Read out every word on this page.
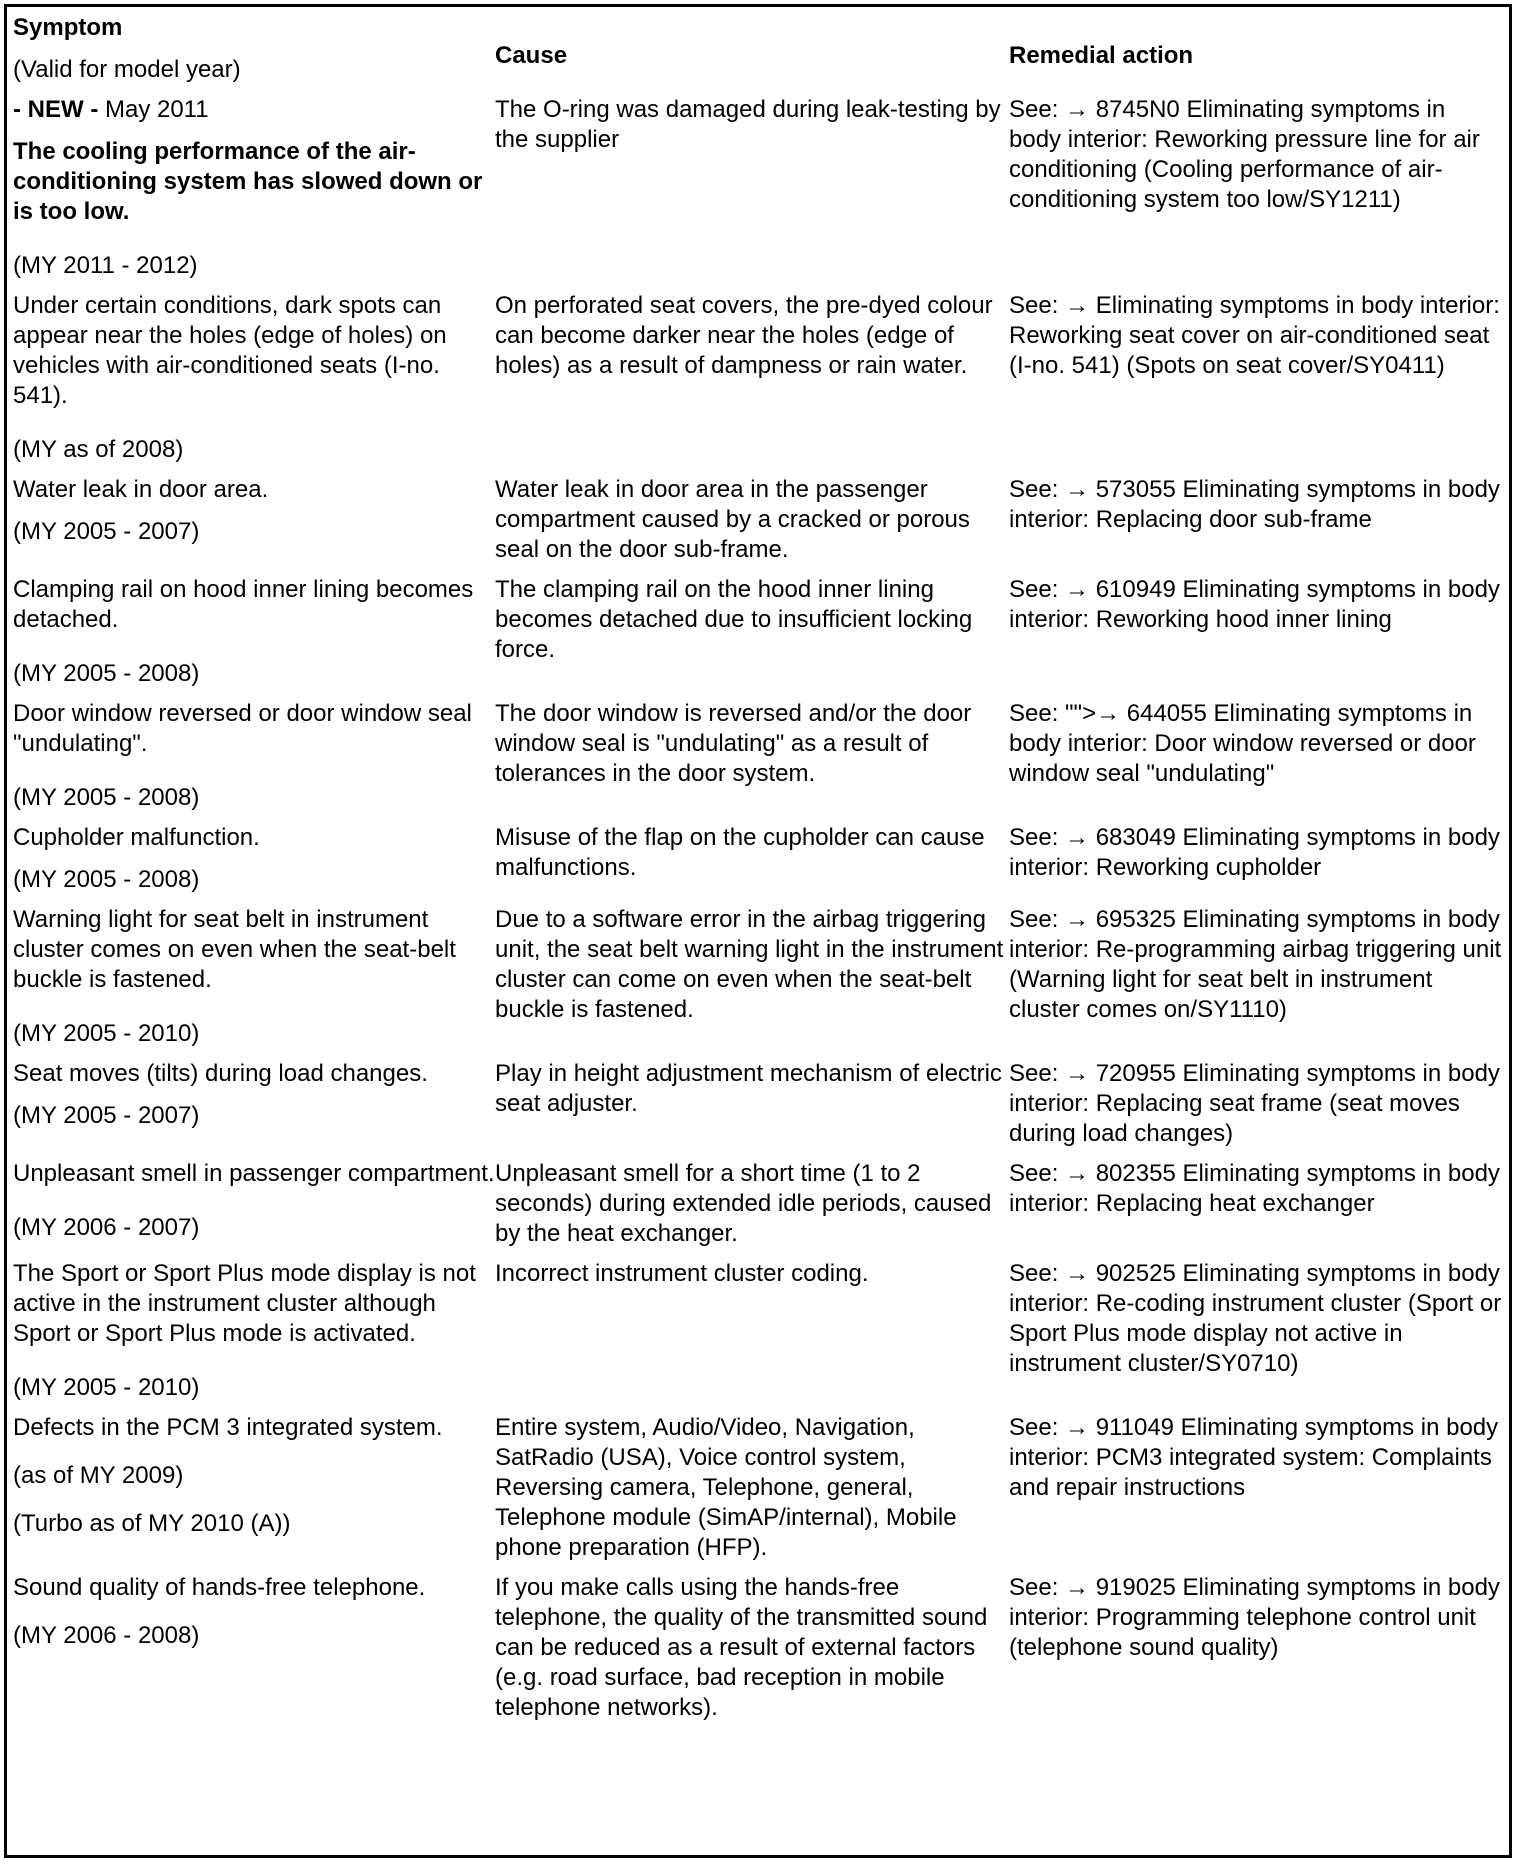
Symptom

(Valid for model year)	Cause	Remedial action

- NEW - May 2011

The cooling performance of the air-conditioning system has slowed down or is too low.

(MY 2011 - 2012)	The O-ring was damaged during leak-testing by the supplier	See: → 8745N0 Eliminating symptoms in body interior: Reworking pressure line for air conditioning (Cooling performance of air-conditioning system too low/SY1211)

Under certain conditions, dark spots can appear near the holes (edge of holes) on vehicles with air-conditioned seats (I-no. 541).

(MY as of 2008)	On perforated seat covers, the pre-dyed colour can become darker near the holes (edge of holes) as a result of dampness or rain water.	See: → Eliminating symptoms in body interior: Reworking seat cover on air-conditioned seat (I-no. 541) (Spots on seat cover/SY0411)

Water leak in door area.

(MY 2005 - 2007)	Water leak in door area in the passenger compartment caused by a cracked or porous seal on the door sub-frame.	See: → 573055 Eliminating symptoms in body interior: Replacing door sub-frame

Clamping rail on hood inner lining becomes detached.

(MY 2005 - 2008)	The clamping rail on the hood inner lining becomes detached due to insufficient locking force.	See: → 610949 Eliminating symptoms in body interior: Reworking hood inner lining

Door window reversed or door window seal "undulating".

(MY 2005 - 2008)	The door window is reversed and/or the door window seal is "undulating" as a result of tolerances in the door system.	See: "">→ 644055 Eliminating symptoms in body interior: Door window reversed or door window seal "undulating"

Cupholder malfunction.

(MY 2005 - 2008)	Misuse of the flap on the cupholder can cause malfunctions.	See: → 683049 Eliminating symptoms in body interior: Reworking cupholder

Warning light for seat belt in instrument cluster comes on even when the seat-belt buckle is fastened.

(MY 2005 - 2010)	Due to a software error in the airbag triggering unit, the seat belt warning light in the instrument cluster can come on even when the seat-belt buckle is fastened.	See: → 695325 Eliminating symptoms in body interior: Re-programming airbag triggering unit (Warning light for seat belt in instrument cluster comes on/SY1110)

Seat moves (tilts) during load changes.

(MY 2005 - 2007)	Play in height adjustment mechanism of electric seat adjuster.	See: → 720955 Eliminating symptoms in body interior: Replacing seat frame (seat moves during load changes)

Unpleasant smell in passenger compartment.

(MY 2006 - 2007)	Unpleasant smell for a short time (1 to 2 seconds) during extended idle periods, caused by the heat exchanger.	See: → 802355 Eliminating symptoms in body interior: Replacing heat exchanger

The Sport or Sport Plus mode display is not active in the instrument cluster although Sport or Sport Plus mode is activated.

(MY 2005 - 2010)	Incorrect instrument cluster coding.	See: → 902525 Eliminating symptoms in body interior: Re-coding instrument cluster (Sport or Sport Plus mode display not active in instrument cluster/SY0710)

Defects in the PCM 3 integrated system.

(as of MY 2009)

(Turbo as of MY 2010 (A))	Entire system, Audio/Video, Navigation, SatRadio (USA), Voice control system, Reversing camera, Telephone, general, Telephone module (SimAP/internal), Mobile phone preparation (HFP).	See: → 911049 Eliminating symptoms in body interior: PCM3 integrated system: Complaints and repair instructions

Sound quality of hands-free telephone.

(MY 2006 - 2008)	If you make calls using the hands-free telephone, the quality of the transmitted sound can be reduced as a result of external factors (e.g. road surface, bad reception in mobile telephone networks).	See: → 919025 Eliminating symptoms in body interior: Programming telephone control unit (telephone sound quality)
